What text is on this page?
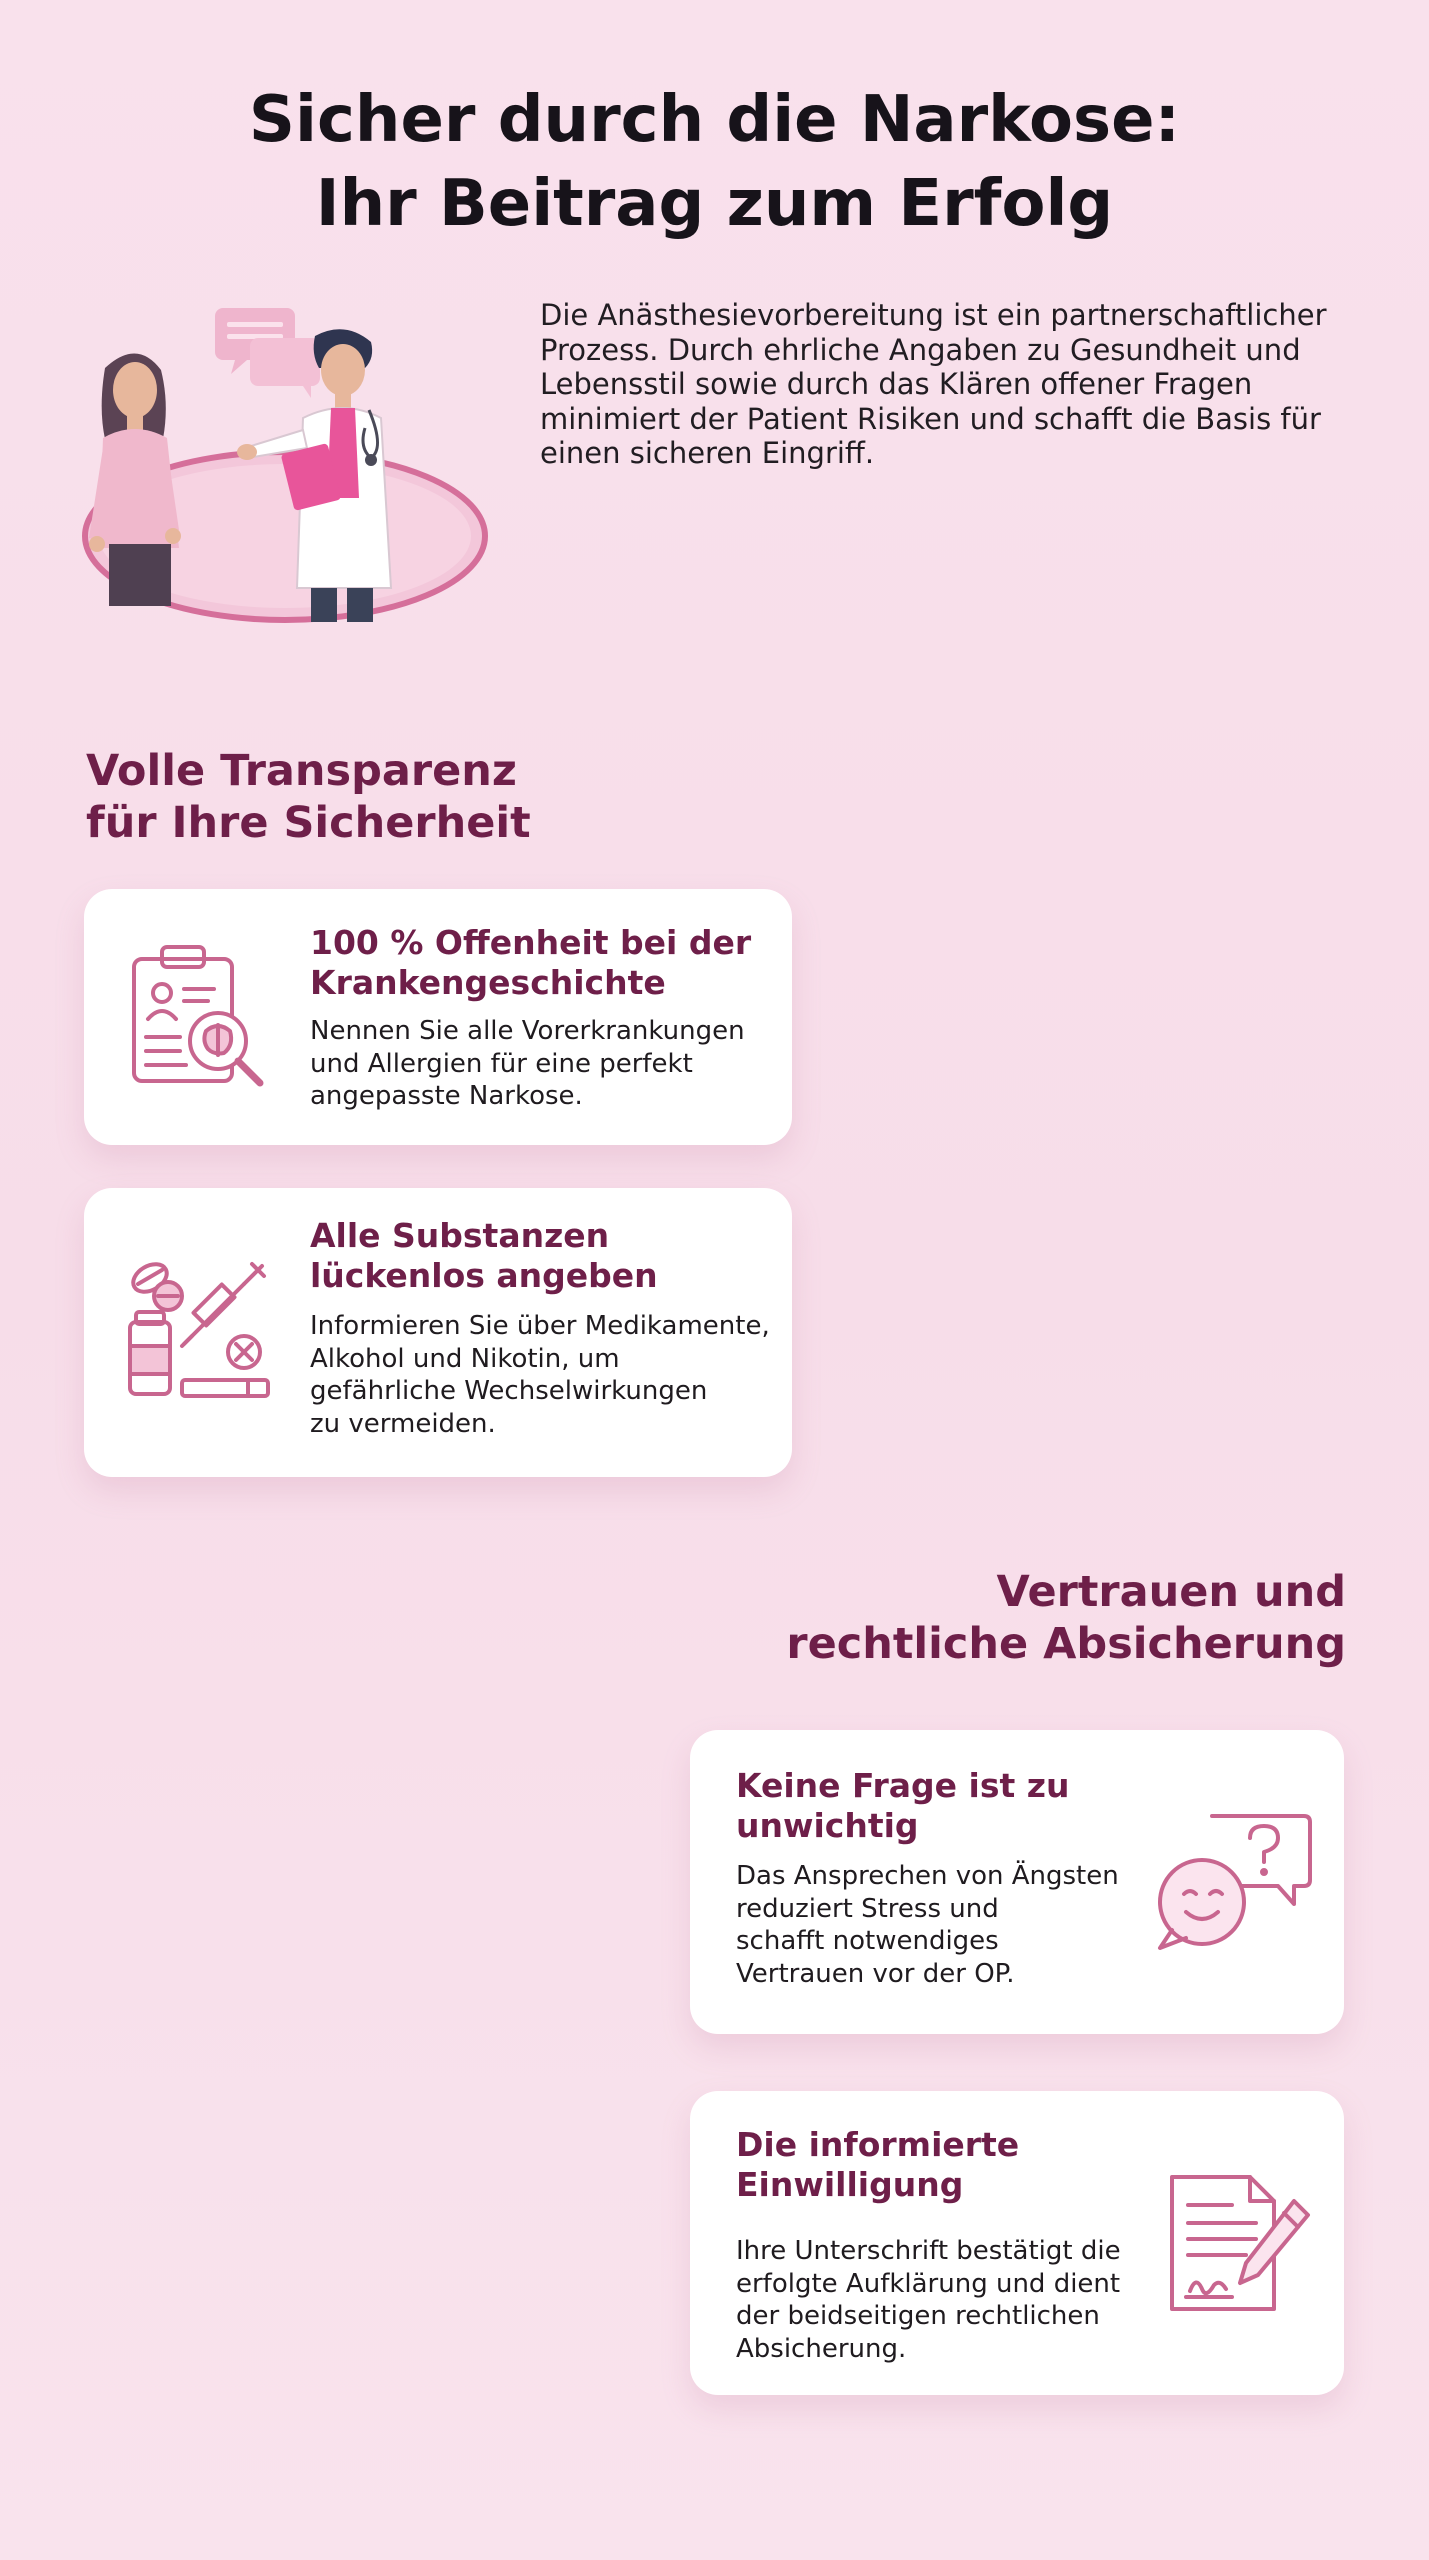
Sicher durch die Narkose:
Ihr Beitrag zum Erfolg

Die Anästhesievorbereitung ist ein partnerschaftlicher Prozess. Durch ehrliche Angaben zu Gesundheit und Lebensstil sowie durch das Klären offener Fragen minimiert der Patient Risiken und schafft die Basis für einen sicheren Eingriff.

Volle Transparenz
für Ihre Sicherheit
100 % Offenheit bei der
Krankengeschichte
Nennen Sie alle Vorerkrankungen
und Allergien für eine perfekt
angepasste Narkose.
Alle Substanzen
lückenlos angeben
Informieren Sie über Medikamente,
Alkohol und Nikotin, um
gefährliche Wechselwirkungen
zu vermeiden.
Vertrauen und
rechtliche Absicherung
Keine Frage ist zu
unwichtig
Das Ansprechen von Ängsten
reduziert Stress und
schafft notwendiges
Vertrauen vor der OP.
Die informierte
Einwilligung
Ihre Unterschrift bestätigt die
erfolgte Aufklärung und dient
der beidseitigen rechtlichen
Absicherung.
